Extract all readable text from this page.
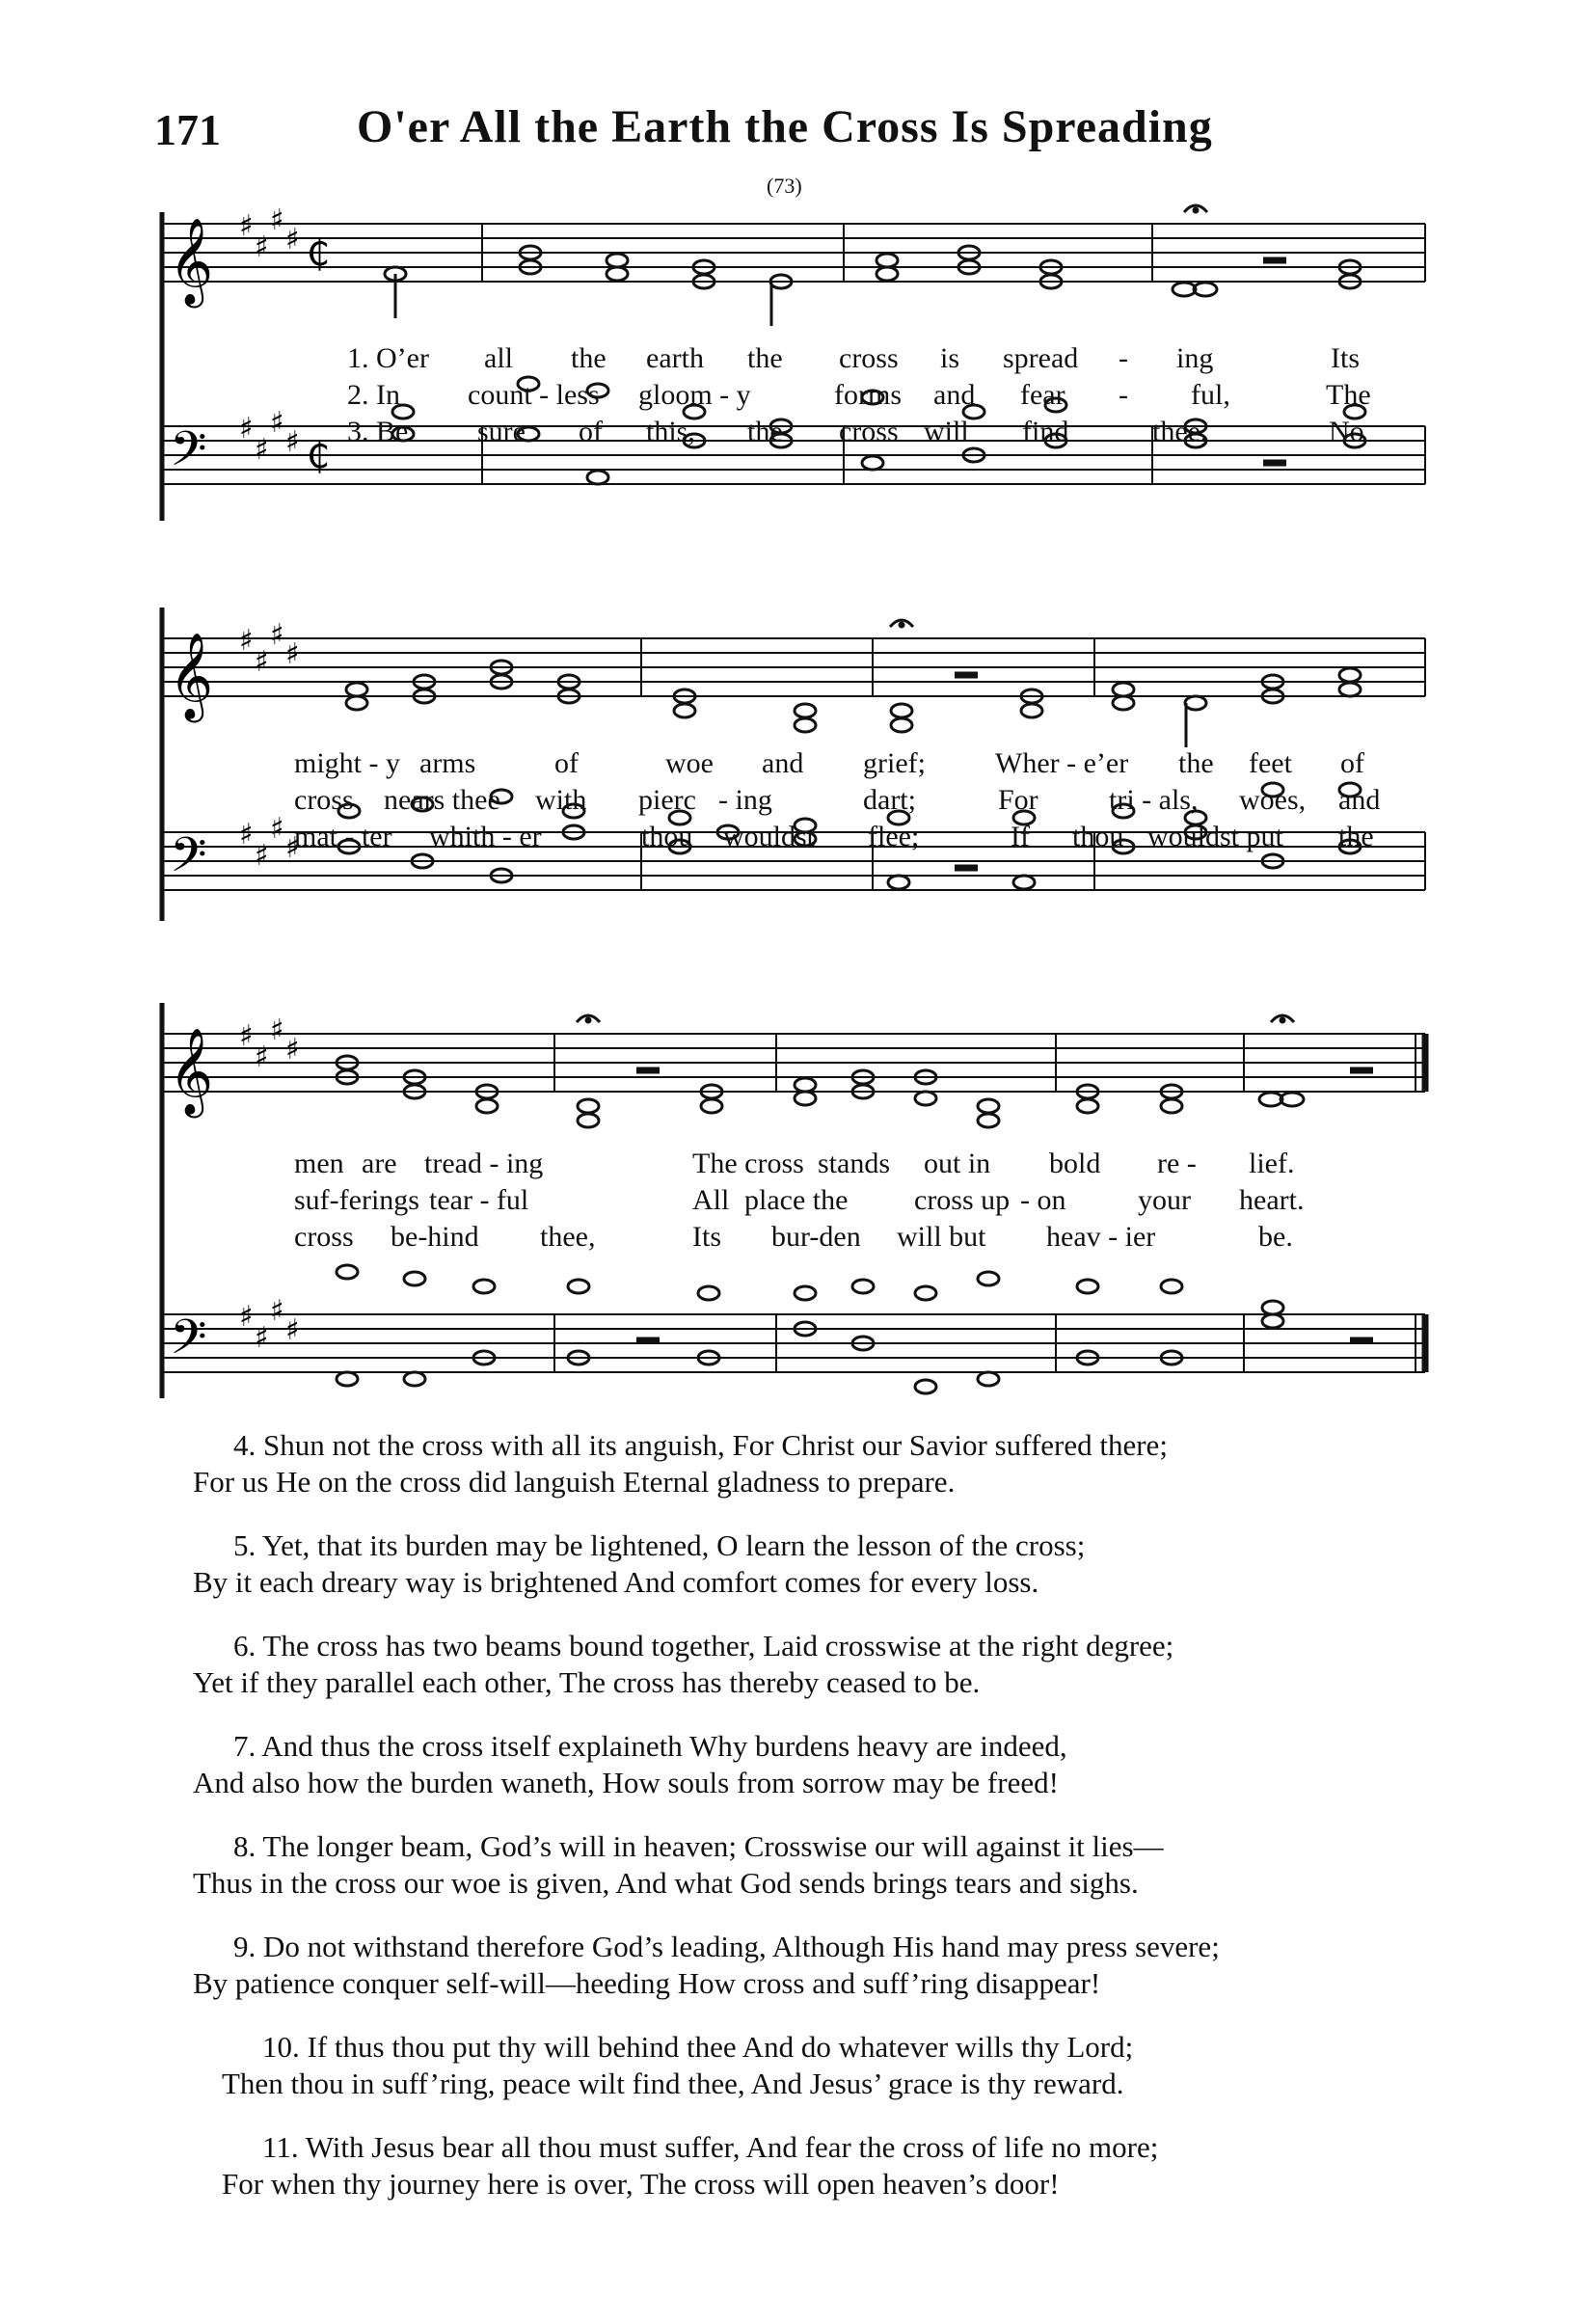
171	O'er All the Earth the Cross Is Spreading
(73)
𝄞
𝄢
♯
♯
♯
♯
♯
♯
♯
♯
₵
₵
1. O’er all the earth the cross is spread - ing	Its
2. In count - less gloom - y	forms and fear - ful,	The
3. Be sure of this, the cross will find	thee,	No
𝄞
𝄢
♯
♯
♯
♯
♯
♯
♯
♯
might - y arms	of	woe and grief; Wher - e’er the feet of
cross nears thee with pierc - ing	dart;	For tri - als, woes, and
mat - ter whith - er	thou wouldst flee;	If thou wouldst put the
𝄞
𝄢
♯
♯
♯
♯
♯
♯
♯
♯
men are tread - ing	The cross stands out in bold re - lief.
suf-ferings tear - ful	All place the cross up - on your heart.
cross be-hind thee,	Its bur-den will but heav - ier	be.
4. Shun not the cross with all its anguish, For Christ our Savior suffered there;
For us He on the cross did languish Eternal gladness to prepare.
5. Yet, that its burden may be lightened, O learn the lesson of the cross;
By it each dreary way is brightened And comfort comes for every loss.
6. The cross has two beams bound together, Laid crosswise at the right degree;
Yet if they parallel each other, The cross has thereby ceased to be.
7. And thus the cross itself explaineth Why burdens heavy are indeed,
And also how the burden waneth, How souls from sorrow may be freed!
8. The longer beam, God’s will in heaven; Crosswise our will against it lies—
Thus in the cross our woe is given, And what God sends brings tears and sighs.
9. Do not withstand therefore God’s leading, Although His hand may press severe;
By patience conquer self-will—heeding How cross and suff’ring disappear!
10. If thus thou put thy will behind thee And do whatever wills thy Lord;
Then thou in suff’ring, peace wilt find thee, And Jesus’ grace is thy reward.
11. With Jesus bear all thou must suffer, And fear the cross of life no more;
For when thy journey here is over, The cross will open heaven’s door!
